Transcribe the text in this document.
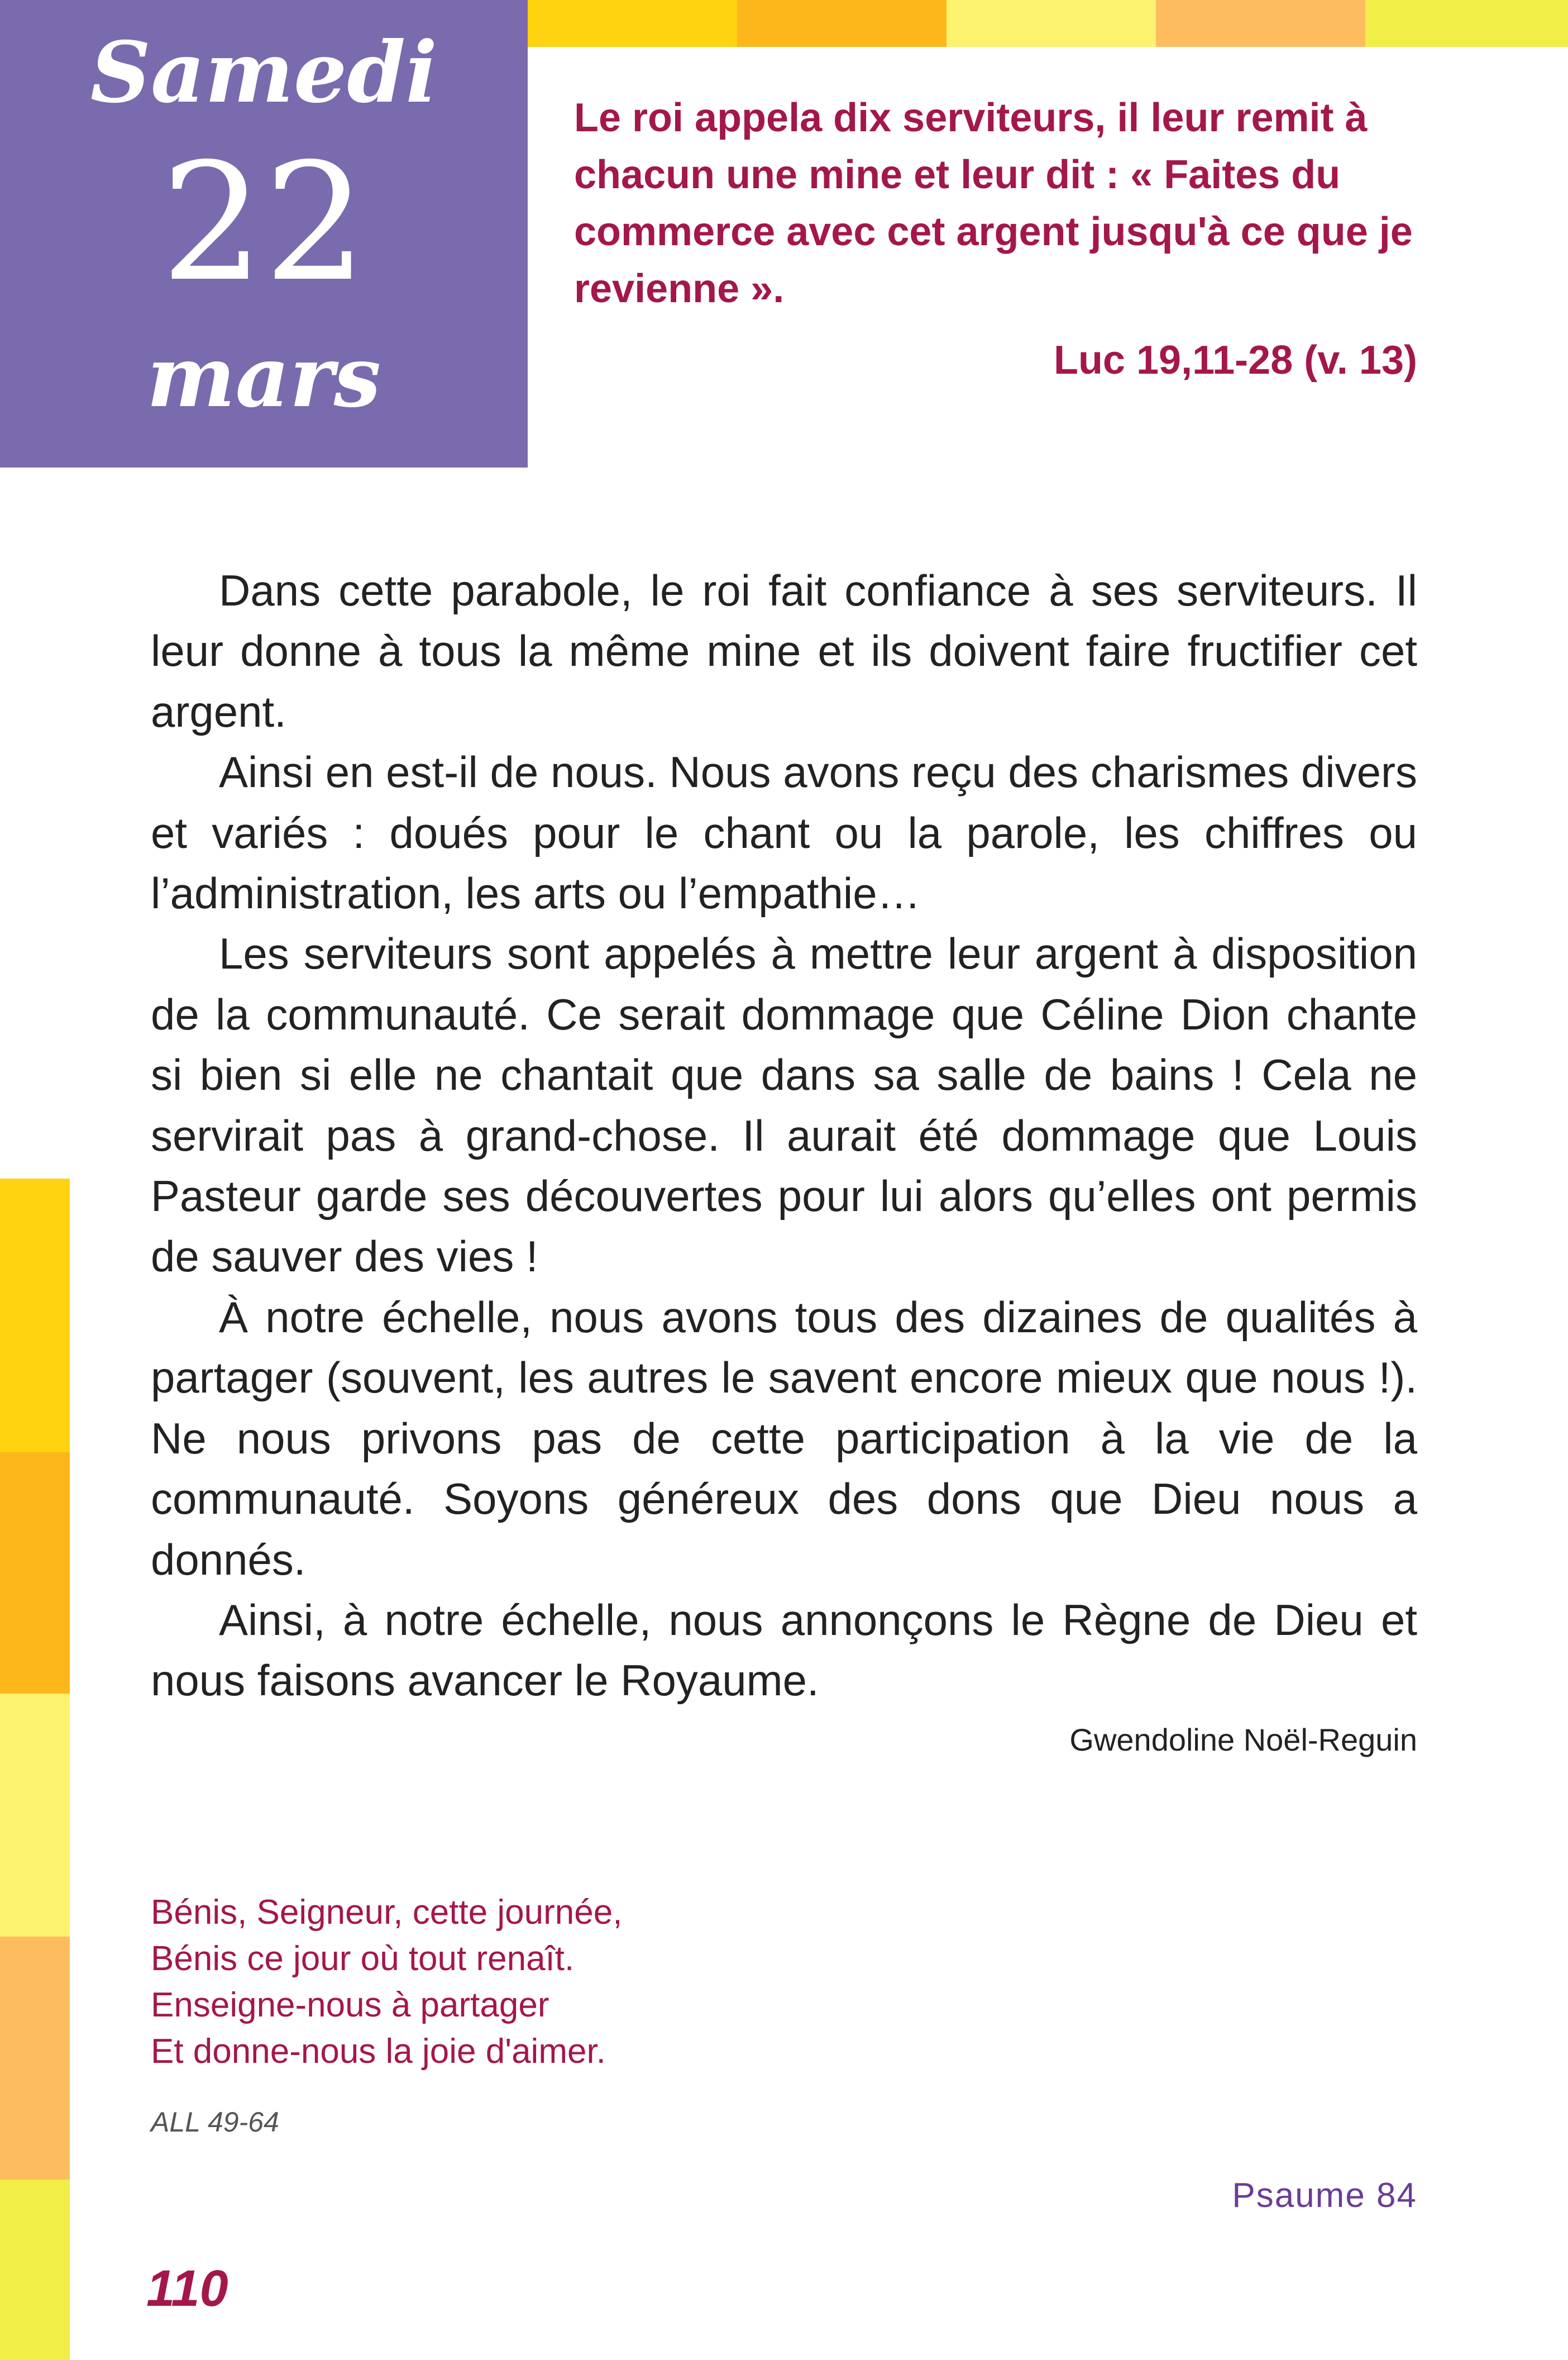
Samedi
22
mars
Le roi appela dix serviteurs, il leur remit à chacun une mine et leur dit : « Faites du commerce avec cet argent jusqu'à ce que je revienne ».
Luc 19,11-28 (v. 13)

Dans cette parabole, le roi fait confiance à ses serviteurs. Il leur donne à tous la même mine et ils doivent faire fructifier cet argent.

Ainsi en est-il de nous. Nous avons reçu des charismes divers et variés : doués pour le chant ou la parole, les chiffres ou l’administration, les arts ou l’empathie…

Les serviteurs sont appelés à mettre leur argent à disposition de la communauté. Ce serait dommage que Céline Dion chante si bien si elle ne chantait que dans sa salle de bains ! Cela ne servirait pas à grand-chose. Il aurait été dommage que Louis Pasteur garde ses découvertes pour lui alors qu’elles ont permis de sauver des vies !

À notre échelle, nous avons tous des dizaines de qualités à partager (souvent, les autres le savent encore mieux que nous !). Ne nous privons pas de cette participation à la vie de la communauté. Soyons généreux des dons que Dieu nous a donnés.

Ainsi, à notre échelle, nous annonçons le Règne de Dieu et nous faisons avancer le Royaume.

Gwendoline Noël-Reguin
Bénis, Seigneur, cette journée,
Bénis ce jour où tout renaît.
Enseigne-nous à partager
Et donne-nous la joie d'aimer.
ALL 49-64
Psaume 84
110
